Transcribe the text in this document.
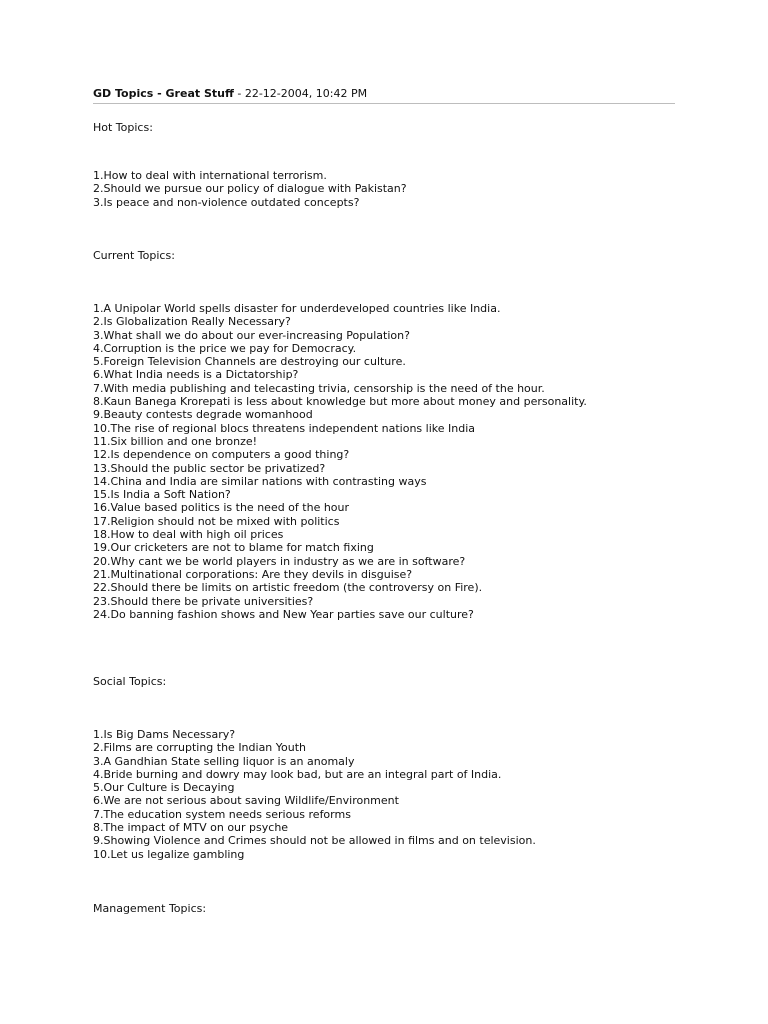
GD Topics - Great Stuff - 22-12-2004, 10:42 PM
Hot Topics:
1.How to deal with international terrorism.
2.Should we pursue our policy of dialogue with Pakistan?
3.Is peace and non-violence outdated concepts?
Current Topics:
1.A Unipolar World spells disaster for underdeveloped countries like India.
2.Is Globalization Really Necessary?
3.What shall we do about our ever-increasing Population?
4.Corruption is the price we pay for Democracy.
5.Foreign Television Channels are destroying our culture.
6.What India needs is a Dictatorship?
7.With media publishing and telecasting trivia, censorship is the need of the hour.
8.Kaun Banega Krorepati is less about knowledge but more about money and personality.
9.Beauty contests degrade womanhood
10.The rise of regional blocs threatens independent nations like India
11.Six billion and one bronze!
12.Is dependence on computers a good thing?
13.Should the public sector be privatized?
14.China and India are similar nations with contrasting ways
15.Is India a Soft Nation?
16.Value based politics is the need of the hour
17.Religion should not be mixed with politics
18.How to deal with high oil prices
19.Our cricketers are not to blame for match fixing
20.Why cant we be world players in industry as we are in software?
21.Multinational corporations: Are they devils in disguise?
22.Should there be limits on artistic freedom (the controversy on Fire).
23.Should there be private universities?
24.Do banning fashion shows and New Year parties save our culture?
Social Topics:
1.Is Big Dams Necessary?
2.Films are corrupting the Indian Youth
3.A Gandhian State selling liquor is an anomaly
4.Bride burning and dowry may look bad, but are an integral part of India.
5.Our Culture is Decaying
6.We are not serious about saving Wildlife/Environment
7.The education system needs serious reforms
8.The impact of MTV on our psyche
9.Showing Violence and Crimes should not be allowed in films and on television.
10.Let us legalize gambling
Management Topics:
